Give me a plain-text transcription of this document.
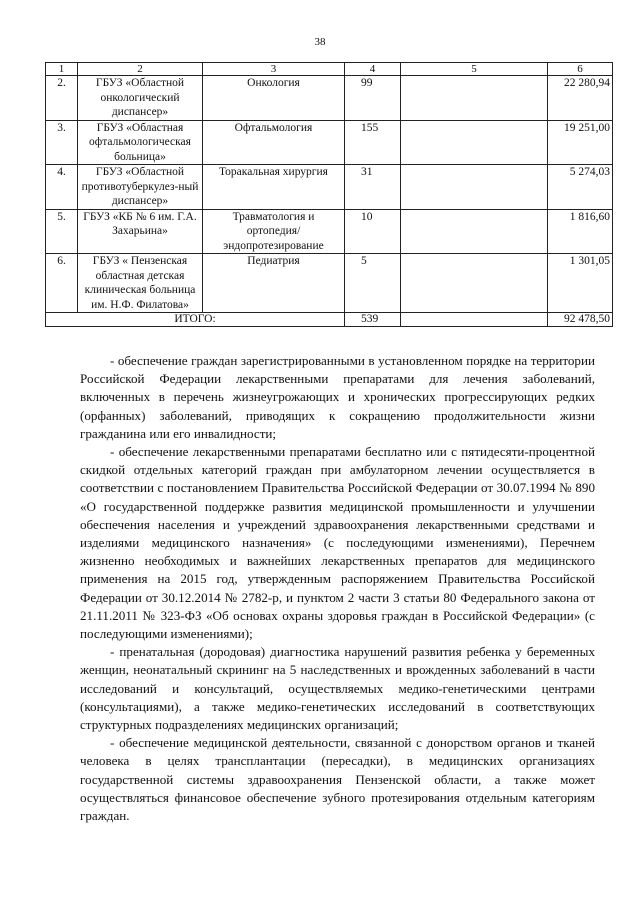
38
1	2	3	4	5	6
2.	ГБУЗ «Областной онкологический диспансер»	Онкология	99		22 280,94
3.	ГБУЗ «Областная офтальмологическая больница»	Офтальмология	155		19 251,00
4.	ГБУЗ «Областной противотуберкулез-ный диспансер»	Торакальная хирургия	31		5 274,03
5.	ГБУЗ «КБ № 6 им. Г.А. Захарьина»	Травматология и ортопедия/ эндопротезирование	10		1 816,60
6.	ГБУЗ « Пензенская областная детская клиническая больница им. Н.Ф. Филатова»	Педиатрия	5		1 301,05
ИТОГО:			539		92 478,50

- обеспечение граждан зарегистрированными в установленном порядке на территории Российской Федерации лекарственными препаратами для лечения заболеваний, включенных в перечень жизнеугрожающих и хронических прогрессирующих редких (орфанных) заболеваний, приводящих к сокращению продолжительности жизни гражданина или его инвалидности;

- обеспечение лекарственными препаратами бесплатно или с пятидесяти-процентной скидкой отдельных категорий граждан при амбулаторном лечении осуществляется в соответствии с постановлением Правительства Российской Федерации от 30.07.1994 № 890 «О государственной поддержке развития медицинской промышленности и улучшении обеспечения населения и учреждений здравоохранения лекарственными средствами и изделиями медицинского назначения» (с последующими изменениями), Перечнем жизненно необходимых и важнейших лекарственных препаратов для медицинского применения на 2015 год, утвержденным распоряжением Правительства Российской Федерации от 30.12.2014 № 2782-р, и пунктом 2 части 3 статьи 80 Федерального закона от 21.11.2011 № 323-ФЗ «Об основах охраны здоровья граждан в Российской Федерации» (с последующими изменениями);

- пренатальная (дородовая) диагностика нарушений развития ребенка у беременных женщин, неонатальный скрининг на 5 наследственных и врожденных заболеваний в части исследований и консультаций, осуществляемых медико-генетическими центрами (консультациями), а также медико-генетических исследований в соответствующих структурных подразделениях медицинских организаций;

- обеспечение медицинской деятельности, связанной с донорством органов и тканей человека в целях трансплантации (пересадки), в медицинских организациях государственной системы здравоохранения Пензенской области, а также может осуществляться финансовое обеспечение зубного протезирования отдельным категориям граждан.
